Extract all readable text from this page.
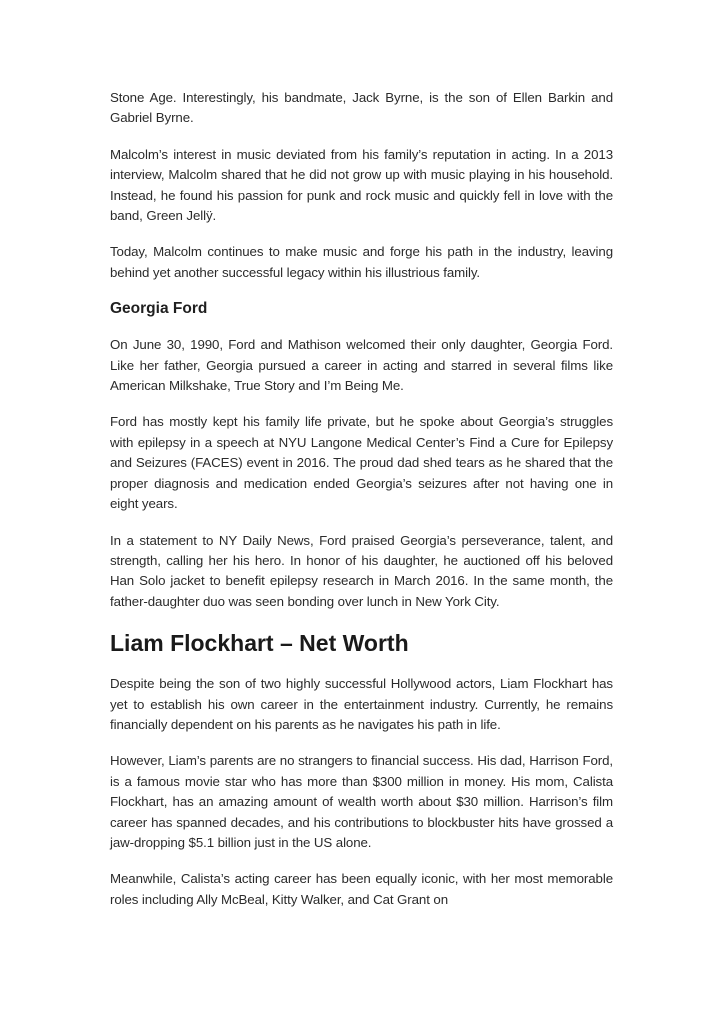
Stone Age. Interestingly, his bandmate, Jack Byrne, is the son of Ellen Barkin and Gabriel Byrne.

Malcolm’s interest in music deviated from his family’s reputation in acting. In a 2013 interview, Malcolm shared that he did not grow up with music playing in his household. Instead, he found his passion for punk and rock music and quickly fell in love with the band, Green Jellÿ.

Today, Malcolm continues to make music and forge his path in the industry, leaving behind yet another successful legacy within his illustrious family.

Georgia Ford

On June 30, 1990, Ford and Mathison welcomed their only daughter, Georgia Ford. Like her father, Georgia pursued a career in acting and starred in several films like American Milkshake, True Story and I’m Being Me.

Ford has mostly kept his family life private, but he spoke about Georgia’s struggles with epilepsy in a speech at NYU Langone Medical Center’s Find a Cure for Epilepsy and Seizures (FACES) event in 2016. The proud dad shed tears as he shared that the proper diagnosis and medication ended Georgia’s seizures after not having one in eight years.

In a statement to NY Daily News, Ford praised Georgia’s perseverance, talent, and strength, calling her his hero. In honor of his daughter, he auctioned off his beloved Han Solo jacket to benefit epilepsy research in March 2016. In the same month, the father-daughter duo was seen bonding over lunch in New York City.

Liam Flockhart – Net Worth

Despite being the son of two highly successful Hollywood actors, Liam Flockhart has yet to establish his own career in the entertainment industry. Currently, he remains financially dependent on his parents as he navigates his path in life.

However, Liam’s parents are no strangers to financial success. His dad, Harrison Ford, is a famous movie star who has more than $300 million in money. His mom, Calista Flockhart, has an amazing amount of wealth worth about $30 million. Harrison’s film career has spanned decades, and his contributions to blockbuster hits have grossed a jaw-dropping $5.1 billion just in the US alone.

Meanwhile, Calista’s acting career has been equally iconic, with her most memorable roles including Ally McBeal, Kitty Walker, and Cat Grant on
